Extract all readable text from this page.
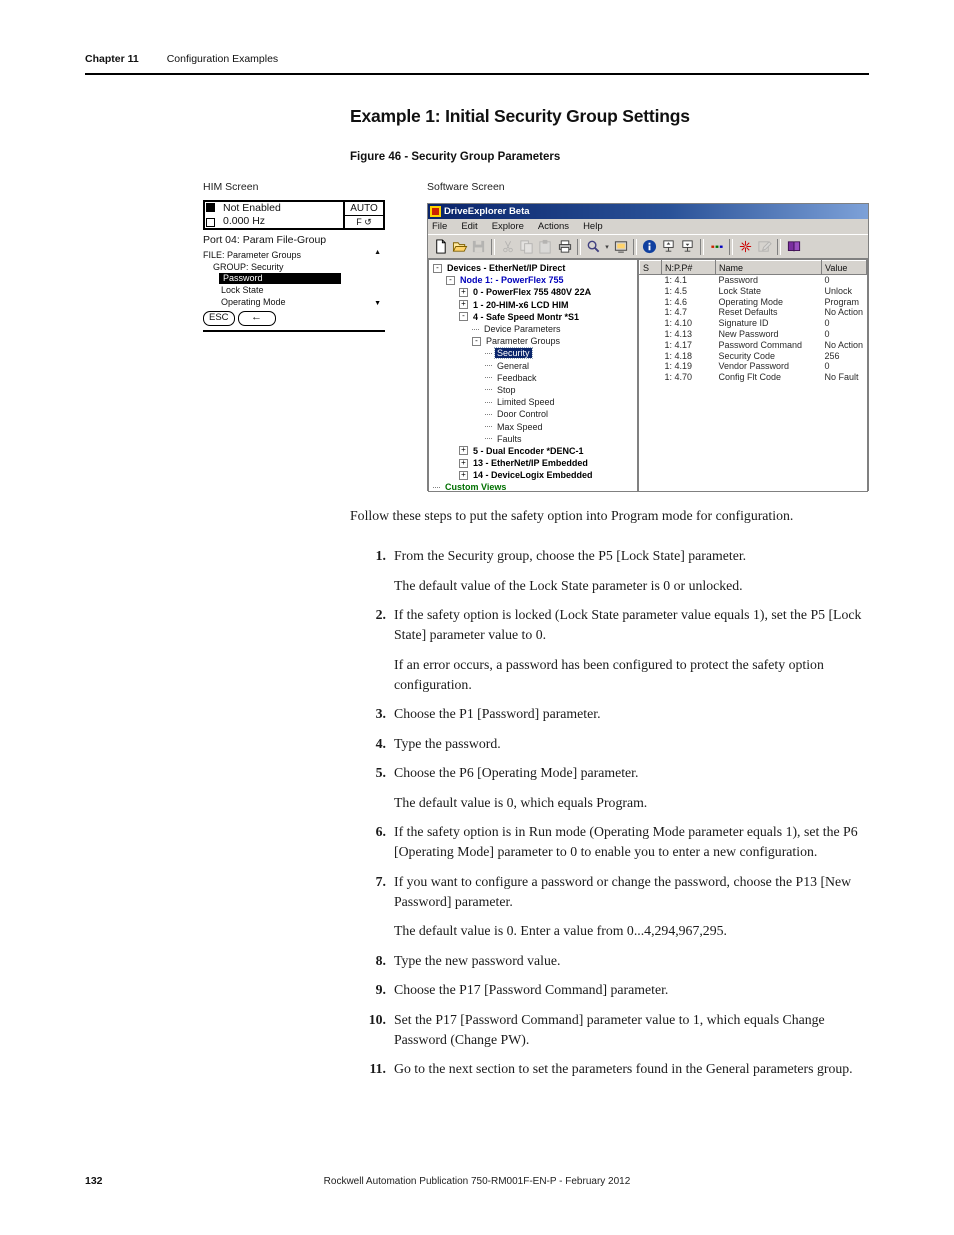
Chapter 11	Configuration Examples
Example 1: Initial Security Group Settings
Figure 46 - Security Group Parameters
HIM Screen	Software Screen
Not Enabled
0.000 Hz
AUTO
F ↺
Port 04: Param File-Group
FILE: Parameter Groups	▲
GROUP: Security
Password
Lock State
Operating Mode	▼
ESC	←
DriveExplorer Beta
File Edit Explore Actions Help
▾
- Devices - EtherNet/IP Direct
- Node 1: - PowerFlex 755
+ 0 - PowerFlex 755 480V 22A
+ 1 - 20-HIM-x6 LCD HIM
- 4 - Safe Speed Montr *S1
Device Parameters
- Parameter Groups
Security
General
Feedback
Stop
Limited Speed
Door Control
Max Speed
Faults
+ 5 - Dual Encoder *DENC-1
+ 13 - EtherNet/IP Embedded
+ 14 - DeviceLogix Embedded
Custom Views
S	N:P.P#	Name	Value
	1: 4.1	Password	0
	1: 4.5	Lock State	Unlock
	1: 4.6	Operating Mode	Program
	1: 4.7	Reset Defaults	No Action
	1: 4.10	Signature ID	0
	1: 4.13	New Password	0
	1: 4.17	Password Command	No Action
	1: 4.18	Security Code	256
	1: 4.19	Vendor Password	0
	1: 4.70	Config Flt Code	No Fault
Follow these steps to put the safety option into Program mode for configuration.
1. From the Security group, choose the P5 [Lock State] parameter.
The default value of the Lock State parameter is 0 or unlocked.
2. If the safety option is locked (Lock State parameter value equals 1), set the P5 [Lock State] parameter value to 0.
If an error occurs, a password has been configured to protect the safety option configuration.
3. Choose the P1 [Password] parameter.
4. Type the password.
5. Choose the P6 [Operating Mode] parameter.
The default value is 0, which equals Program.
6. If the safety option is in Run mode (Operating Mode parameter equals 1), set the P6 [Operating Mode] parameter to 0 to enable you to enter a new configuration.
7. If you want to configure a password or change the password, choose the P13 [New Password] parameter.
The default value is 0. Enter a value from 0...4,294,967,295.
8. Type the new password value.
9. Choose the P17 [Password Command] parameter.
10. Set the P17 [Password Command] parameter value to 1, which equals Change Password (Change PW).
11. Go to the next section to set the parameters found in the General parameters group.
Rockwell Automation Publication 750-RM001F-EN-P - February 2012
132
